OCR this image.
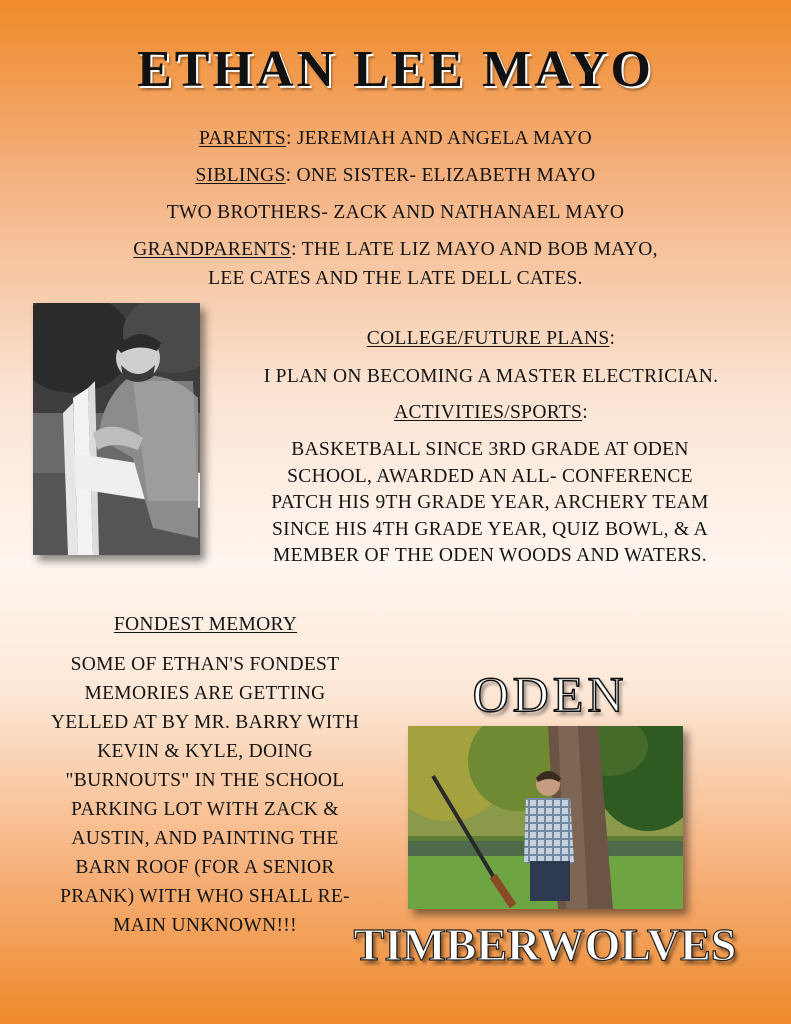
ETHAN LEE MAYO
PARENTS: JEREMIAH AND ANGELA MAYO
SIBLINGS: ONE SISTER- ELIZABETH MAYO
TWO BROTHERS- ZACK AND NATHANAEL MAYO
GRANDPARENTS: THE LATE LIZ MAYO AND BOB MAYO,
LEE CATES AND THE LATE DELL CATES.
COLLEGE/FUTURE PLANS:
I PLAN ON BECOMING A MASTER ELECTRICIAN.
ACTIVITIES/SPORTS:
BASKETBALL SINCE 3RD GRADE AT ODEN
SCHOOL, AWARDED AN ALL- CONFERENCE
PATCH HIS 9TH GRADE YEAR, ARCHERY TEAM
SINCE HIS 4TH GRADE YEAR, QUIZ BOWL, & A
MEMBER OF THE ODEN WOODS AND WATERS.
FONDEST MEMORY
SOME OF ETHAN'S FONDEST
MEMORIES ARE GETTING
YELLED AT BY MR. BARRY WITH
KEVIN & KYLE, DOING
"BURNOUTS" IN THE SCHOOL
PARKING LOT WITH ZACK &
AUSTIN, AND PAINTING THE
BARN ROOF (FOR A SENIOR
PRANK) WITH WHO SHALL RE-
MAIN UNKNOWN!!!
ODEN
TIMBERWOLVES
